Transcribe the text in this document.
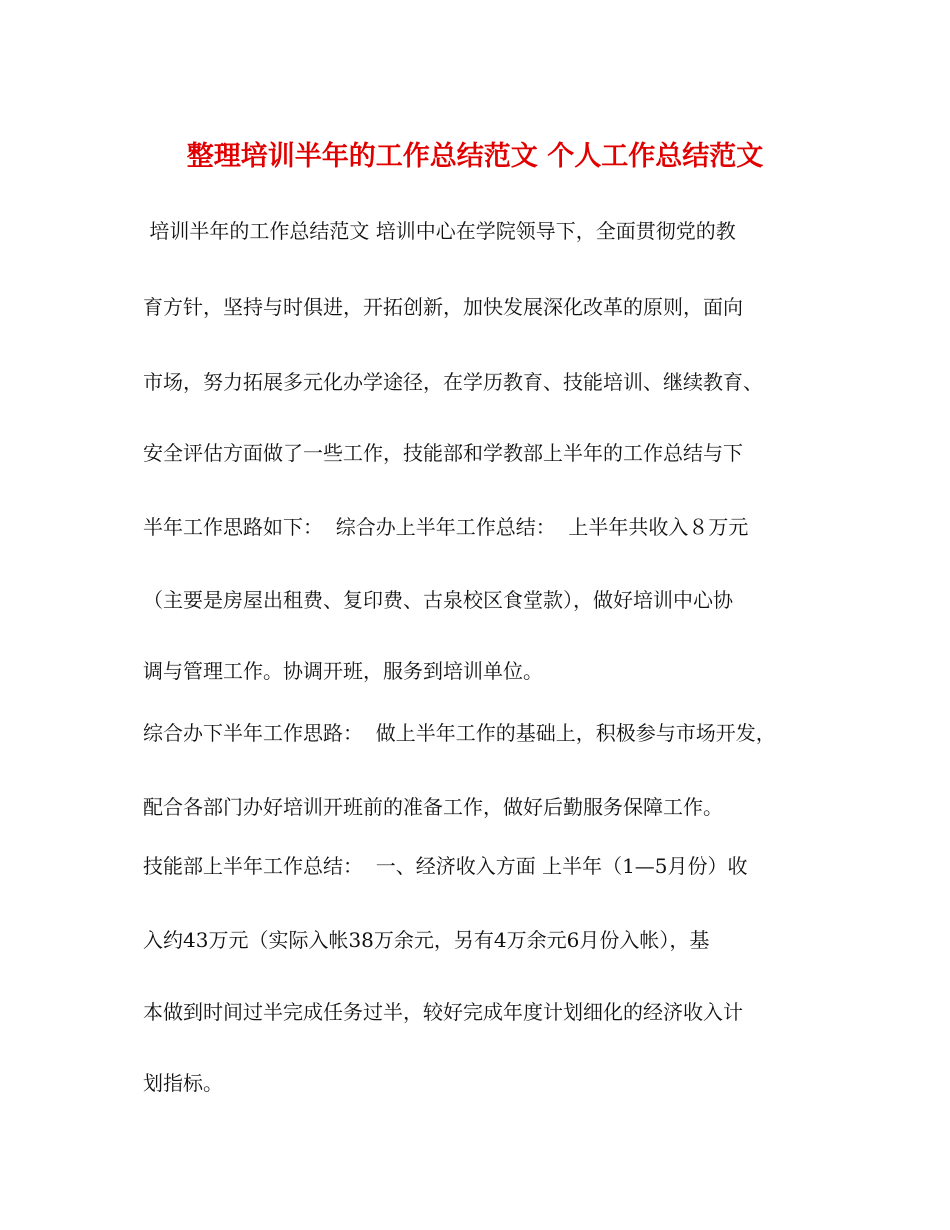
整理培训半年的工作总结范文 个人工作总结范文
培训半年的工作总结范文 培训中心在学院领导下，全面贯彻党的教
育方针，坚持与时俱进，开拓创新，加快发展深化改革的原则，面向
市场，努力拓展多元化办学途径，在学历教育、技能培训、继续教育、
安全评估方面做了一些工作，技能部和学教部上半年的工作总结与下
半年工作思路如下：  综合办上半年工作总结：  上半年共收入８万元
（主要是房屋出租费、复印费、古泉校区食堂款），做好培训中心协
调与管理工作。协调开班，服务到培训单位。
综合办下半年工作思路：  做上半年工作的基础上，积极参与市场开发，
配合各部门办好培训开班前的准备工作，做好后勤服务保障工作。
技能部上半年工作总结：  一、经济收入方面 上半年（1—5月份）收
入约43万元（实际入帐38万余元，另有4万余元6月份入帐），基
本做到时间过半完成任务过半，较好完成年度计划细化的经济收入计
划指标。
